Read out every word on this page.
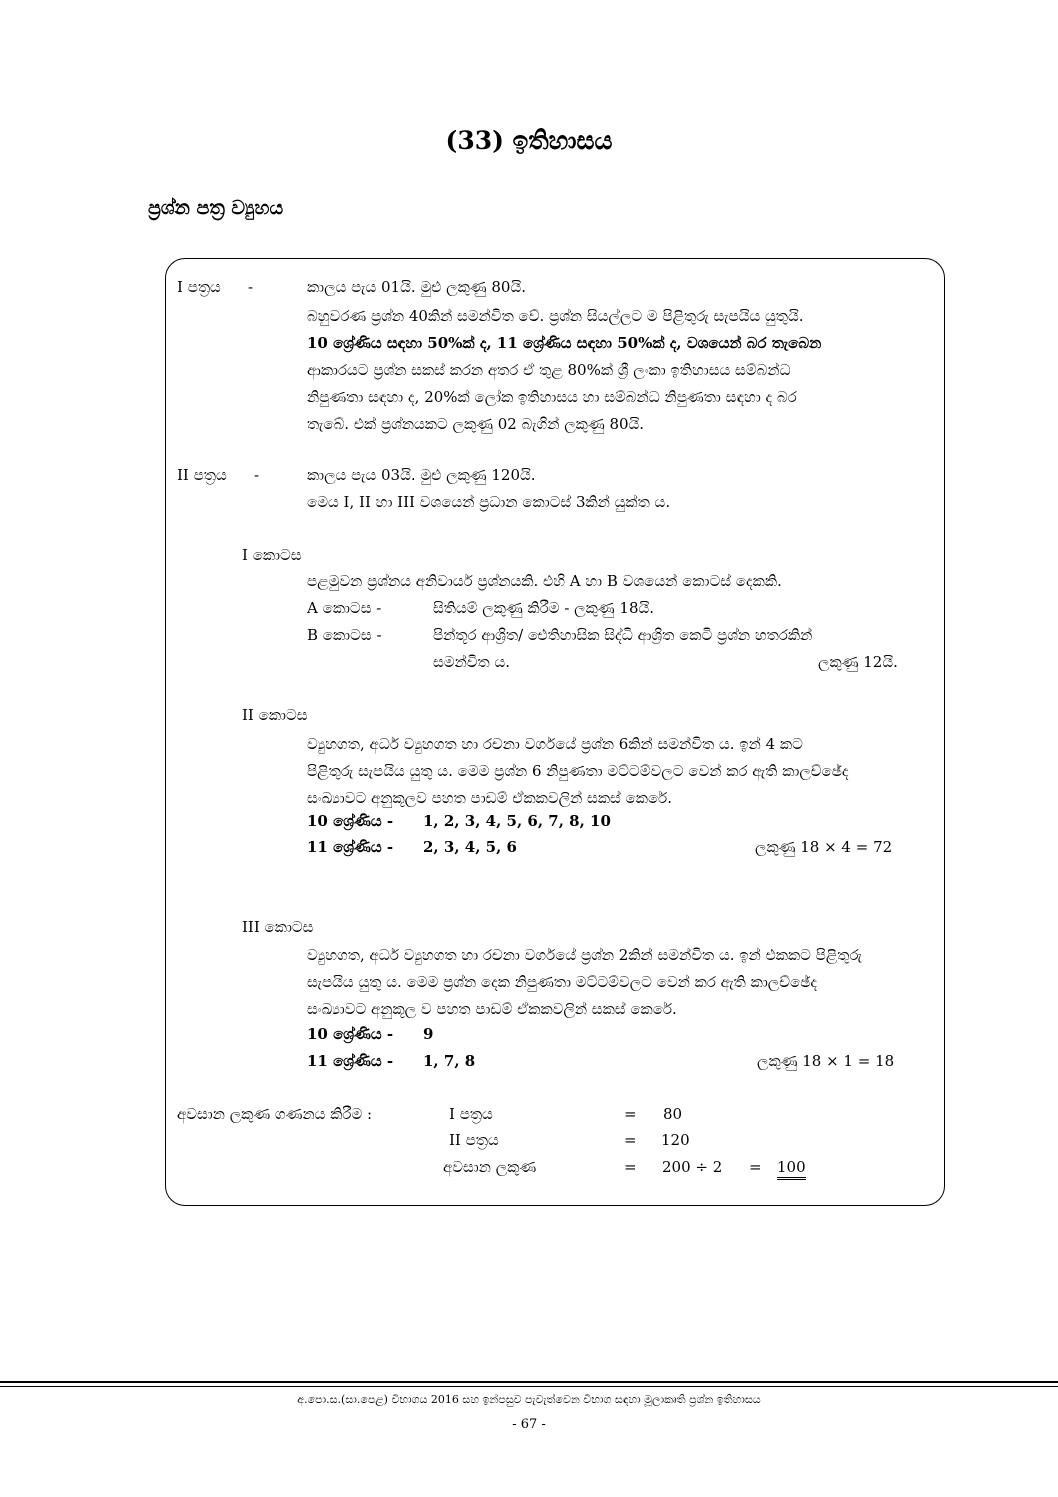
(33) ඉතිහාසය
ප්‍රශ්න පත්‍ර ව්‍යුහය
I පත්‍රය -	කාලය පැය 01යි. මුළු ලකුණු 80යි.
බහුවරණ ප්‍රශ්න 40කින් සමන්විත වේ. ප්‍රශ්න සියල්ලට ම පිළිතුරු සැපයිය යුතුයි.
10 ශ්‍රේණිය සඳහා 50%ක් ද, 11 ශ්‍රේණිය සඳහා 50%ක් ද, වශයෙන් බර තැබෙන
ආකාරයට ප්‍රශ්න සකස් කරන අතර ඒ තුළ 80%ක් ශ්‍රී ලංකා ඉතිහාසය සම්බන්ධ
නිපුණතා සඳහා ද, 20%ක් ලෝක ඉතිහාසය හා සම්බන්ධ නිපුණතා සඳහා ද බර
තැබේ. එක් ප්‍රශ්නයකට ලකුණු 02 බැගින් ලකුණු 80යි.
II පත්‍රය -	කාලය පැය 03යි. මුළු ලකුණු 120යි.
මෙය I, II හා III වශයෙන් ප්‍රධාන කොටස් 3කින් යුක්ත ය.
I කොටස
පළමුවන ප්‍රශ්නය අනිවාර්ය ප්‍රශ්නයකි. එහි A හා B වශයෙන් කොටස් දෙකකි.
A කොටස -	සිතියම් ලකුණු කිරීම - ලකුණු 18යි.
B කොටස -	පින්තූර ආශ්‍රිත/ ඓතිහාසික සිද්ධි ආශ්‍රිත කෙටි ප්‍රශ්න හතරකින්
සමන්විත ය.	ලකුණු 12යි.
II කොටස
ව්‍යුහගත, අර්ධ ව්‍යුහගත හා රචනා වර්ගයේ ප්‍රශ්න 6කින් සමන්විත ය. ඉන් 4 කට
පිළිතුරු සැපයිය යුතු ය. මෙම ප්‍රශ්න 6 නිපුණතා මට්ටම්වලට වෙන් කර ඇති කාලච්ඡේද
සංඛ්‍යාවට අනුකූලව පහත පාඩම් ඒකකවලින් සකස් කෙරේ.
10 ශ්‍රේණිය - 1, 2, 3, 4, 5, 6, 7, 8, 10
11 ශ්‍රේණිය - 2, 3, 4, 5, 6	ලකුණු 18 × 4 = 72
III කොටස
ව්‍යුහගත, අර්ධ ව්‍යුහගත හා රචනා වර්ගයේ ප්‍රශ්න 2කින් සමන්විත ය. ඉන් එකකට පිළිතුරු
සැපයිය යුතු ය. මෙම ප්‍රශ්න දෙක නිපුණතා මට්ටම්වලට වෙන් කර ඇති කාලච්ඡේද
සංඛ්‍යාවට අනුකූල ව පහත පාඩම් ඒකකවලින් සකස් කෙරේ.
10 ශ්‍රේණිය - 9
11 ශ්‍රේණිය - 1, 7, 8	ලකුණු 18 × 1 = 18
අවසාන ලකුණ ගණනය කිරීම :	I පත්‍රය	= 80
II පත්‍රය	= 120
අවසාන ලකුණ	= 200 ÷ 2 = 100
අ.පො.ස.(සා.පෙළ) විභාගය 2016 සහ ඉන්පසුව පැවැත්වෙන විභාග සඳහා මූලාකෘති ප්‍රශ්න ඉතිහාසය
- 67 -
